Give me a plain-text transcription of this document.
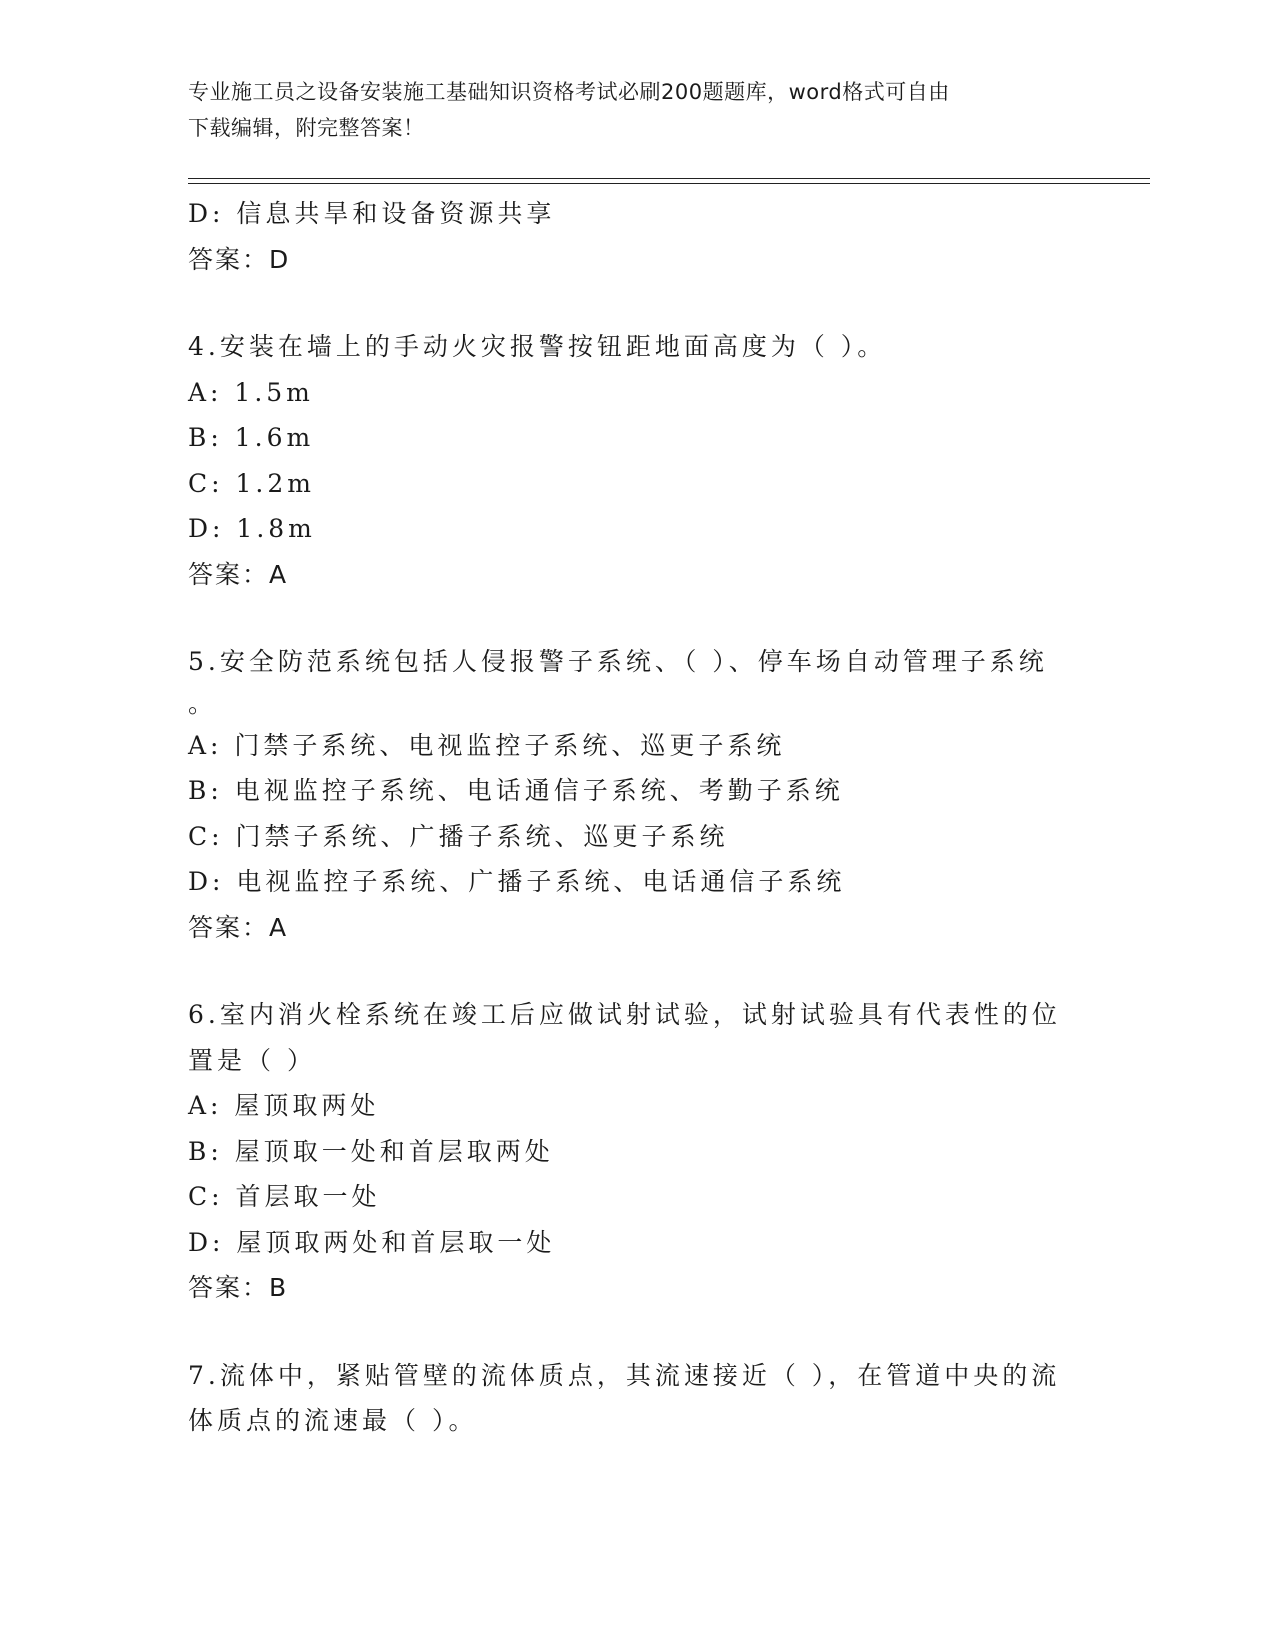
专业施工员之设备安装施工基础知识资格考试必刷200题题库，word格式可自由
下载编辑，附完整答案！
D: 信息共旱和设备资源共享
答案：D
4.安装在墙上的手动火灾报警按钮距地面高度为（ ）。
A: 1.5m
B: 1.6m
C: 1.2m
D: 1.8m
答案：A
5.安全防范系统包括人侵报警子系统、（ ）、停车场自动管理子系统
。
A: 门禁子系统、电视监控子系统、巡更子系统
B: 电视监控子系统、电话通信子系统、考勤子系统
C: 门禁子系统、广播子系统、巡更子系统
D: 电视监控子系统、广播子系统、电话通信子系统
答案：A
6.室内消火栓系统在竣工后应做试射试验，试射试验具有代表性的位
置是（ ）
A: 屋顶取两处
B: 屋顶取一处和首层取两处
C: 首层取一处
D: 屋顶取两处和首层取一处
答案：B
7.流体中，紧贴管壁的流体质点，其流速接近（ ），在管道中央的流
体质点的流速最（ ）。
